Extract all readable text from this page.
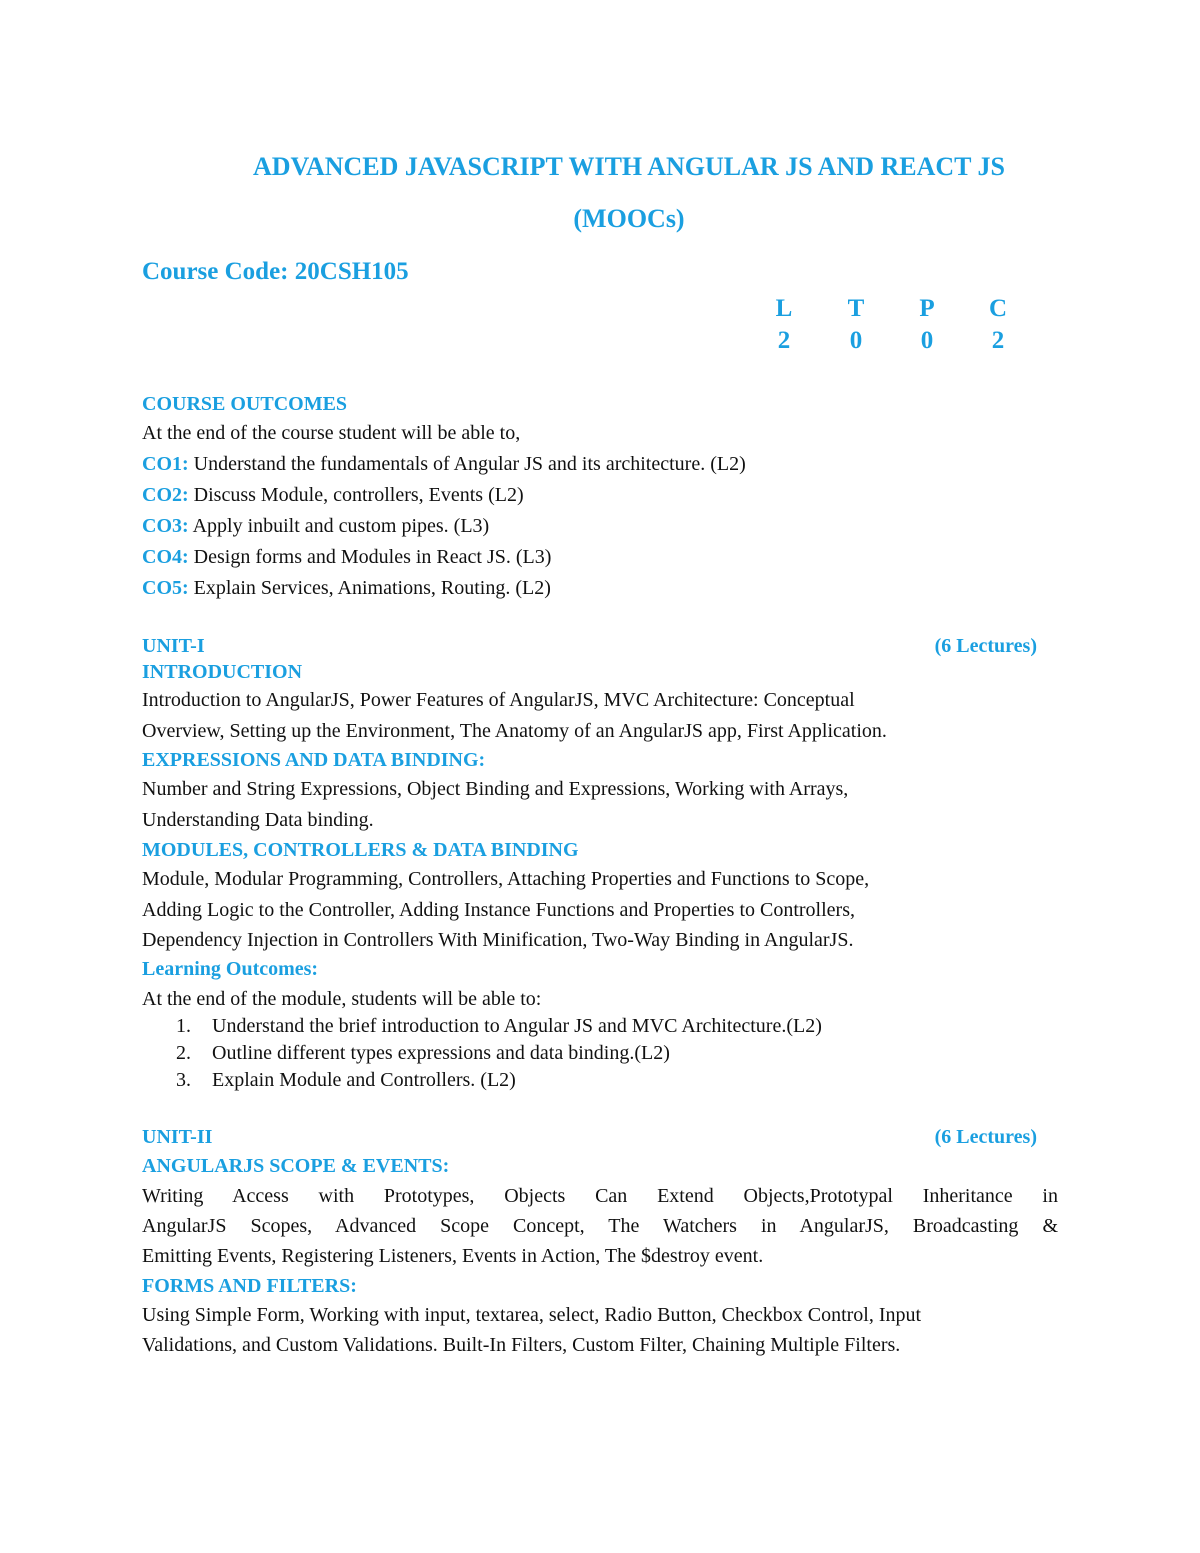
ADVANCED JAVASCRIPT WITH ANGULAR JS AND REACT JS
(MOOCs)
Course Code: 20CSH105
L T P C
2	0	0	2
COURSE OUTCOMES
At the end of the course student will be able to,
CO1: Understand the fundamentals of Angular JS and its architecture. (L2)
CO2: Discuss Module, controllers, Events (L2)
CO3: Apply inbuilt and custom pipes. (L3)
CO4: Design forms and Modules in React JS. (L3)
CO5: Explain Services, Animations, Routing. (L2)
UNIT-I	(6 Lectures)
INTRODUCTION
Introduction to AngularJS, Power Features of AngularJS, MVC Architecture: Conceptual
Overview, Setting up the Environment, The Anatomy of an AngularJS app, First Application.
EXPRESSIONS AND DATA BINDING:
Number and String Expressions, Object Binding and Expressions, Working with Arrays,
Understanding Data binding.
MODULES, CONTROLLERS & DATA BINDING
Module, Modular Programming, Controllers, Attaching Properties and Functions to Scope,
Adding Logic to the Controller, Adding Instance Functions and Properties to Controllers,
Dependency Injection in Controllers With Minification, Two-Way Binding in AngularJS.
Learning Outcomes:
At the end of the module, students will be able to:
1. Understand the brief introduction to Angular JS and MVC Architecture.(L2)
2. Outline different types expressions and data binding.(L2)
3. Explain Module and Controllers. (L2)
UNIT-II	(6 Lectures)
ANGULARJS SCOPE & EVENTS:
Writing Access with Prototypes, Objects Can Extend Objects,Prototypal Inheritance in
AngularJS Scopes, Advanced Scope Concept, The Watchers in AngularJS, Broadcasting &
Emitting Events, Registering Listeners, Events in Action, The $destroy event.
FORMS AND FILTERS:
Using Simple Form, Working with input, textarea, select, Radio Button, Checkbox Control, Input
Validations, and Custom Validations. Built-In Filters, Custom Filter, Chaining Multiple Filters.
